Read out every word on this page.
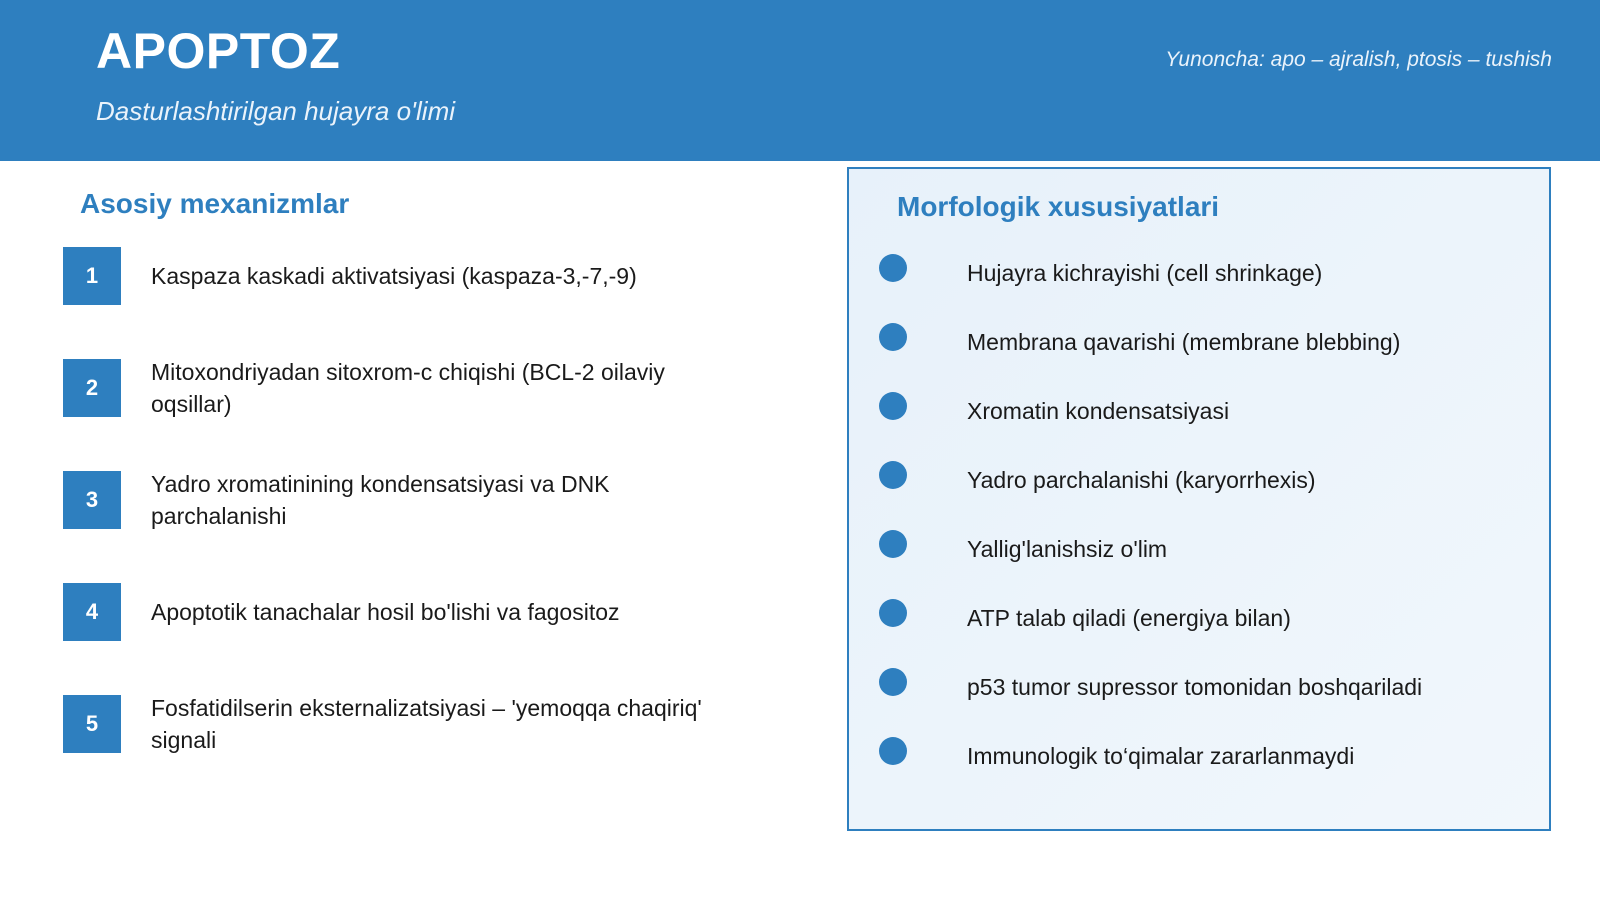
APOPTOZ
Dasturlashtirilgan hujayra o'limi
Yunoncha: apo – ajralish, ptosis – tushish
Asosiy mexanizmlar
1	Kaspaza kaskadi aktivatsiyasi (kaspaza-3,-7,-9)
2
Mitoxondriyadan sitoxrom-c chiqishi (BCL-2 oilaviy oqsillar)
3
Yadro xromatinining kondensatsiyasi va DNK parchalanishi
4	Apoptotik tanachalar hosil bo'lishi va fagositoz
5
Fosfatidilserin eksternalizatsiyasi – 'yemoqqa chaqiriq' signali
Morfologik xususiyatlari
Hujayra kichrayishi (cell shrinkage)
Membrana qavarishi (membrane blebbing)
Xromatin kondensatsiyasi
Yadro parchalanishi (karyorrhexis)
Yallig'lanishsiz o'lim
ATP talab qiladi (energiya bilan)
p53 tumor supressor tomonidan boshqariladi
Immunologik to‘qimalar zararlanmaydi
